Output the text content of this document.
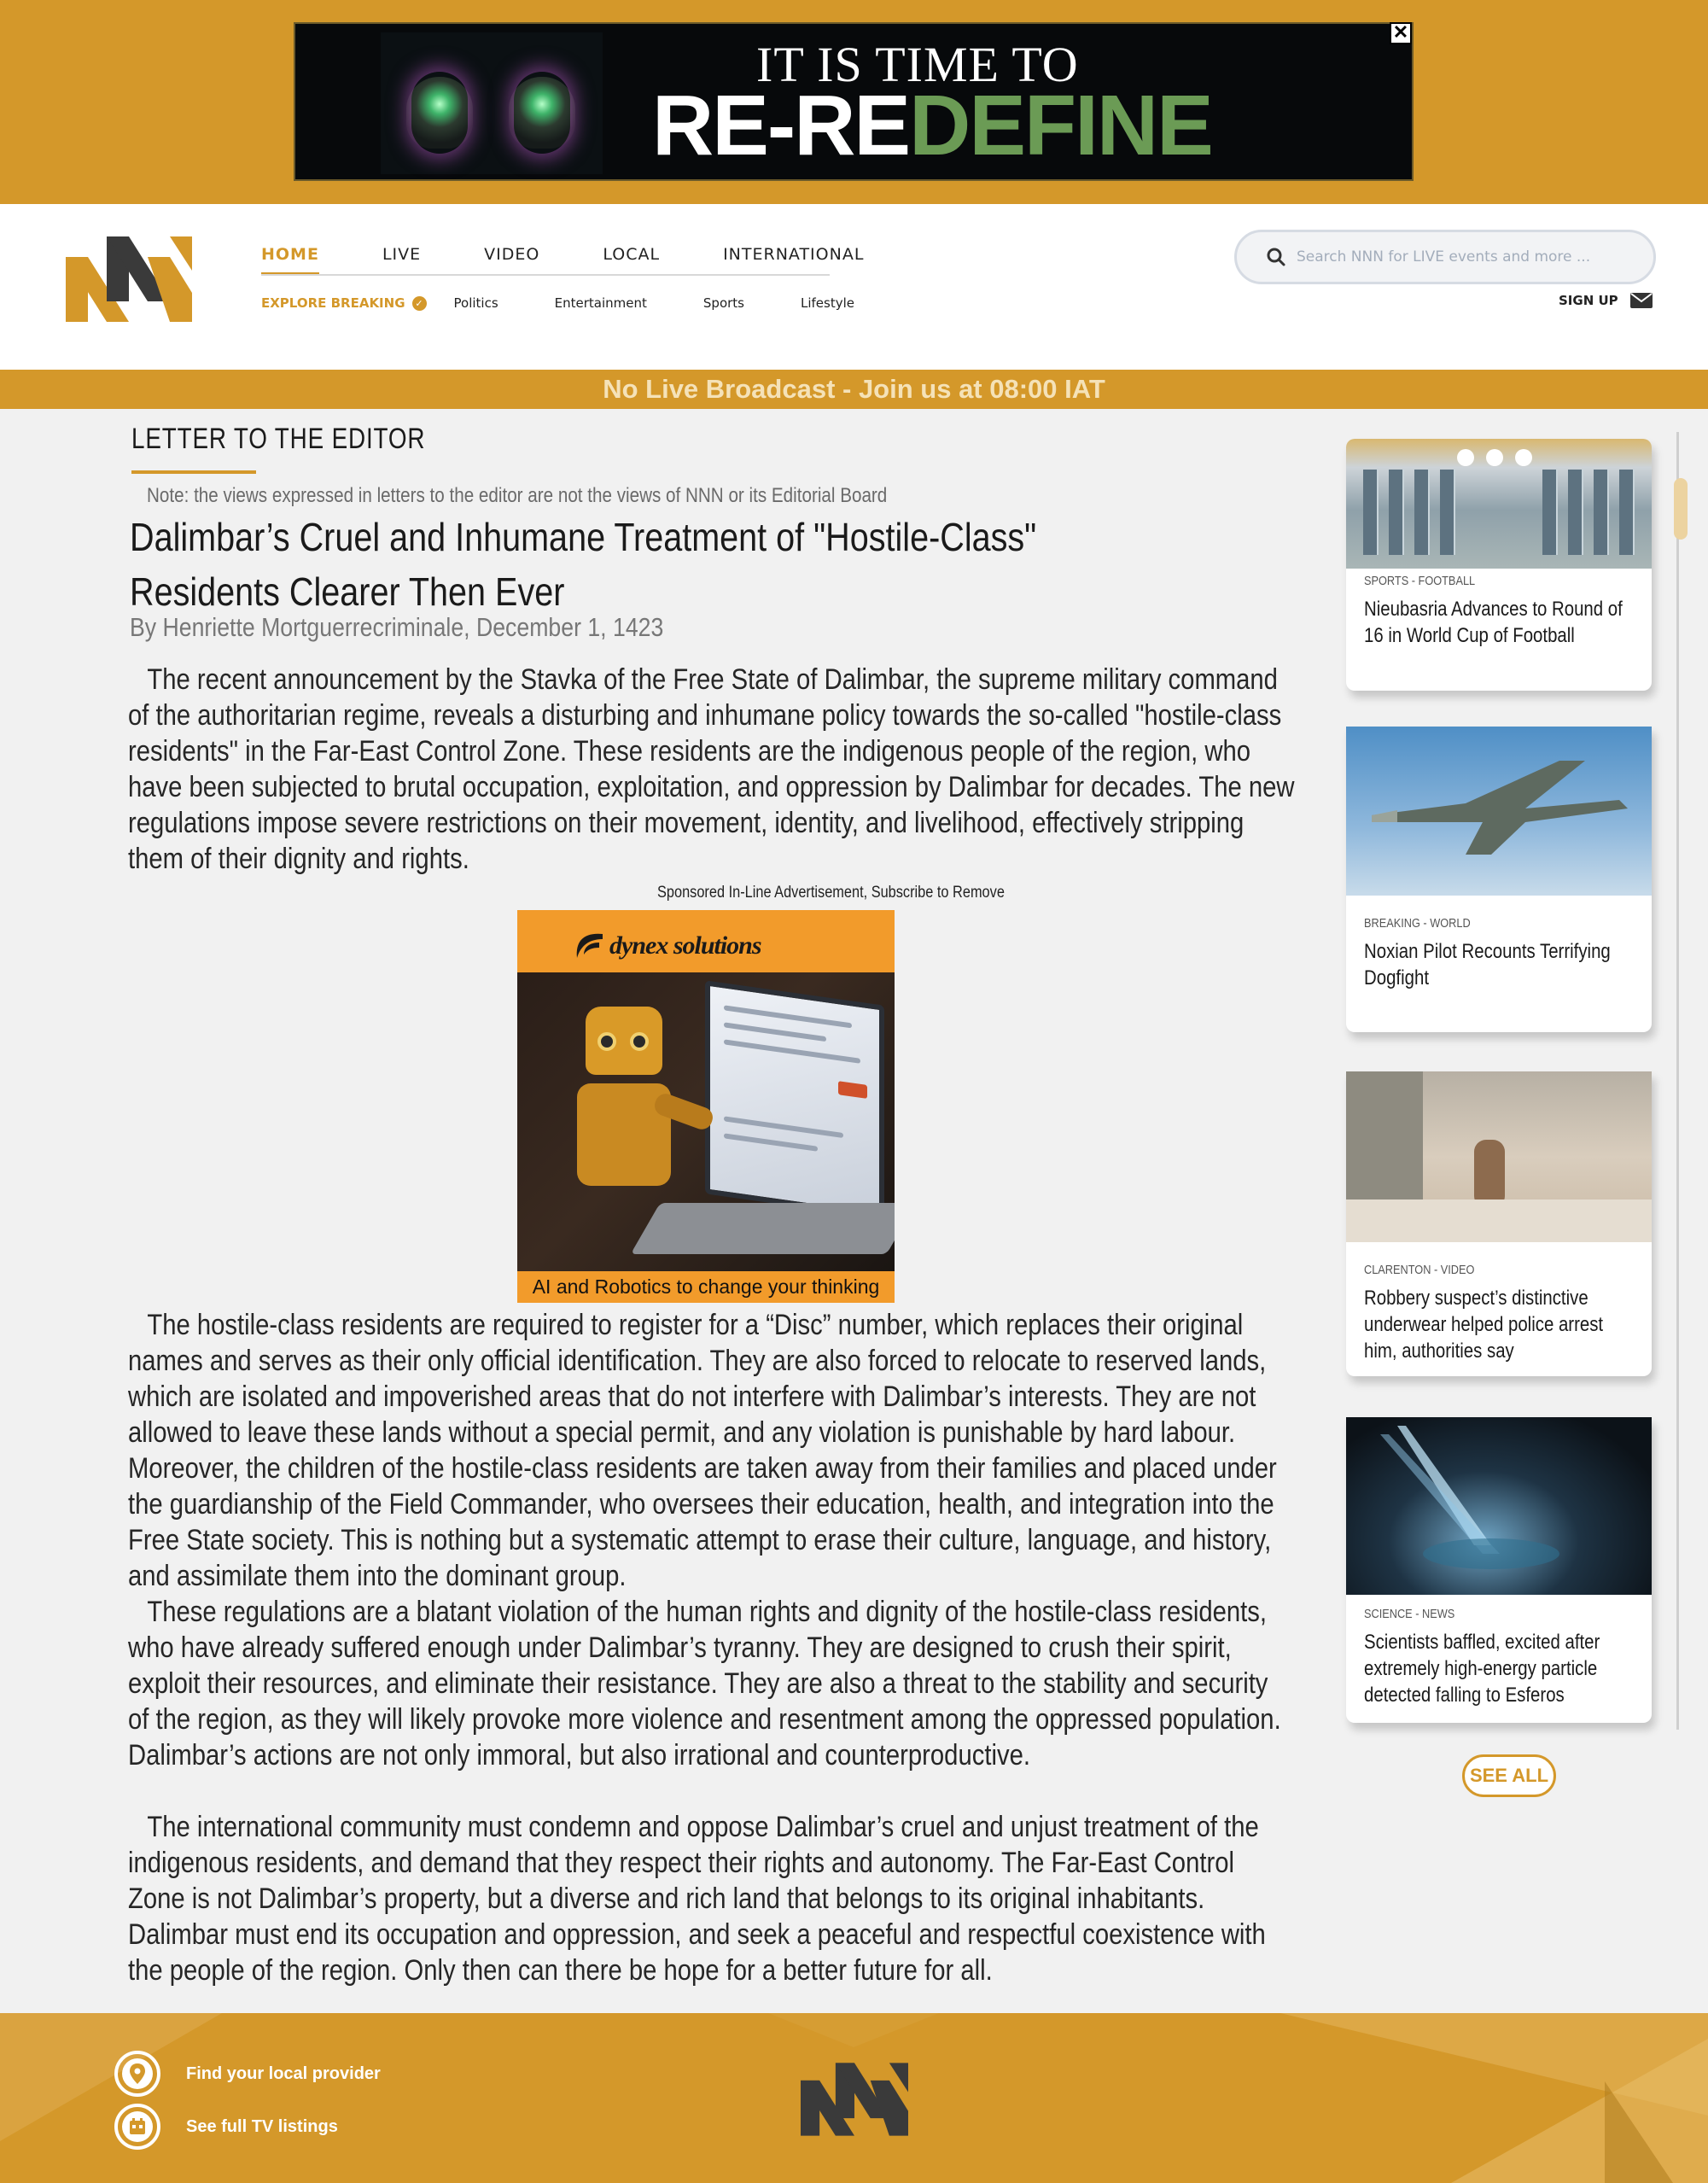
IT IS TIME TO
RE-REDEFINE
✕
HOME	LIVE	VIDEO	LOCAL	INTERNATIONAL
EXPLORE BREAKING	✓ Politics	Entertainment	Sports	Lifestyle
Search NNN for LIVE events and more ...	SIGN UP
No Live Broadcast - Join us at 08:00 IAT
LETTER TO THE EDITOR
Note: the views expressed in letters to the editor are not the views of NNN or its Editorial Board
Dalimbar’s Cruel and Inhumane Treatment of "Hostile-Class" Residents Clearer Then Ever
By Henriette Mortguerrecriminale, December 1, 1423

The recent announcement by the Stavka of the Free State of Dalimbar, the supreme military command of the authoritarian regime, reveals a disturbing and inhumane policy towards the so-called "hostile-class residents" in the Far-East Control Zone. These residents are the indigenous people of the region, who have been subjected to brutal occupation, exploitation, and oppression by Dalimbar for decades. The new regulations impose severe restrictions on their movement, identity, and livelihood, effectively stripping them of their dignity and rights.

Sponsored In-Line Advertisement, Subscribe to Remove
dynex solutions
AI and Robotics to change your thinking

The hostile-class residents are required to register for a “Disc” number, which replaces their original names and serves as their only official identification. They are also forced to relocate to reserved lands, which are isolated and impoverished areas that do not interfere with Dalimbar’s interests. They are not allowed to leave these lands without a special permit, and any violation is punishable by hard labour. Moreover, the children of the hostile-class residents are taken away from their families and placed under the guardianship of the Field Commander, who oversees their education, health, and integration into the Free State society. This is nothing but a systematic attempt to erase their culture, language, and history, and assimilate them into the dominant group.

These regulations are a blatant violation of the human rights and dignity of the hostile-class residents, who have already suffered enough under Dalimbar’s tyranny. They are designed to crush their spirit, exploit their resources, and eliminate their resistance. They are also a threat to the stability and security of the region, as they will likely provoke more violence and resentment among the oppressed population. Dalimbar’s actions are not only immoral, but also irrational and counterproductive.

The international community must condemn and oppose Dalimbar’s cruel and unjust treatment of the indigenous residents, and demand that they respect their rights and autonomy. The Far-East Control Zone is not Dalimbar’s property, but a diverse and rich land that belongs to its original inhabitants. Dalimbar must end its occupation and oppression, and seek a peaceful and respectful coexistence with the people of the region. Only then can there be hope for a better future for all.

SPORTS - FOOTBALL
Nieubasria Advances to Round of 16 in World Cup of Football
BREAKING - WORLD
Noxian Pilot Recounts Terrifying Dogfight
CLARENTON - VIDEO
Robbery suspect’s distinctive underwear helped police arrest him, authorities say
SCIENCE - NEWS
Scientists baffled, excited after extremely high-energy particle detected falling to Esferos
SEE ALL
Find your local provider
See full TV listings
